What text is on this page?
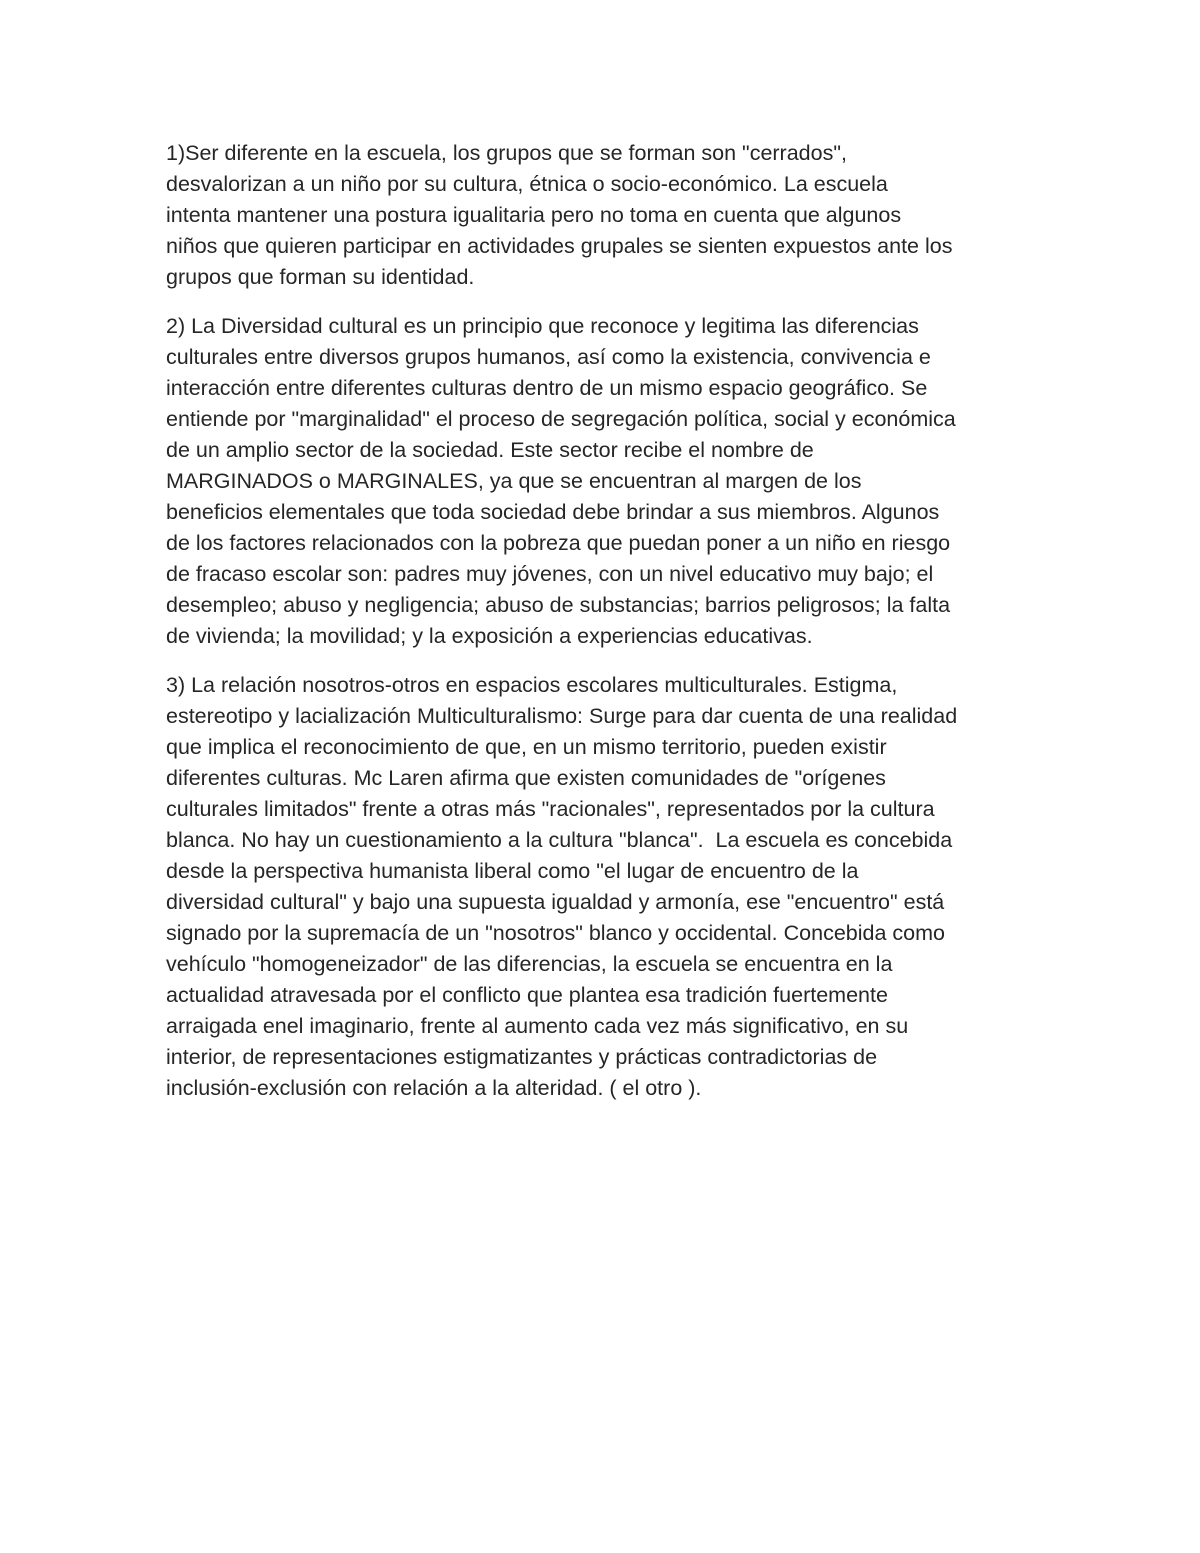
1)Ser diferente en la escuela, los grupos que se forman son "cerrados",
desvalorizan a un niño por su cultura, étnica o socio-económico. La escuela
intenta mantener una postura igualitaria pero no toma en cuenta que algunos
niños que quieren participar en actividades grupales se sienten expuestos ante los
grupos que forman su identidad.
2) La Diversidad cultural es un principio que reconoce y legitima las diferencias
culturales entre diversos grupos humanos, así como la existencia, convivencia e
interacción entre diferentes culturas dentro de un mismo espacio geográfico. Se
entiende por "marginalidad" el proceso de segregación política, social y económica
de un amplio sector de la sociedad. Este sector recibe el nombre de
MARGINADOS o MARGINALES, ya que se encuentran al margen de los
beneficios elementales que toda sociedad debe brindar a sus miembros. Algunos
de los factores relacionados con la pobreza que puedan poner a un niño en riesgo
de fracaso escolar son: padres muy jóvenes, con un nivel educativo muy bajo; el
desempleo; abuso y negligencia; abuso de substancias; barrios peligrosos; la falta
de vivienda; la movilidad; y la exposición a experiencias educativas.
3) La relación nosotros-otros en espacios escolares multiculturales. Estigma,
estereotipo y lacialización Multiculturalismo: Surge para dar cuenta de una realidad
que implica el reconocimiento de que, en un mismo territorio, pueden existir
diferentes culturas. Mc Laren afirma que existen comunidades de "orígenes
culturales limitados" frente a otras más "racionales", representados por la cultura
blanca. No hay un cuestionamiento a la cultura "blanca".  La escuela es concebida
desde la perspectiva humanista liberal como "el lugar de encuentro de la
diversidad cultural" y bajo una supuesta igualdad y armonía, ese "encuentro" está
signado por la supremacía de un "nosotros" blanco y occidental. Concebida como
vehículo "homogeneizador" de las diferencias, la escuela se encuentra en la
actualidad atravesada por el conflicto que plantea esa tradición fuertemente
arraigada enel imaginario, frente al aumento cada vez más significativo, en su
interior, de representaciones estigmatizantes y prácticas contradictorias de
inclusión-exclusión con relación a la alteridad. ( el otro ).
